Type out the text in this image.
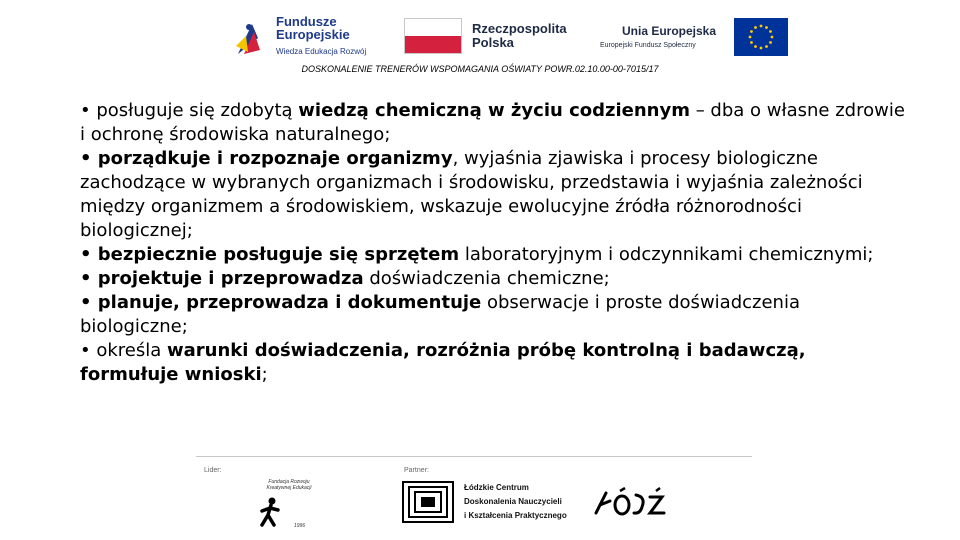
Fundusze
Europejskie
Wiedza Edukacja Rozwój
Rzeczpospolita
Polska
Unia Europejska
Europejski Fundusz Społeczny
DOSKONALENIE TRENERÓW WSPOMAGANIA OŚWIATY POWR.02.10.00-00-7015/17

• posługuje się zdobytą wiedzą chemiczną w życiu codziennym – dba o własne zdrowie i ochronę środowiska naturalnego;

• porządkuje i rozpoznaje organizmy, wyjaśnia zjawiska i procesy biologiczne zachodzące w wybranych organizmach i środowisku, przedstawia i wyjaśnia zależności między organizmem a środowiskiem, wskazuje ewolucyjne źródła różnorodności biologicznej;

• bezpiecznie posługuje się sprzętem laboratoryjnym i odczynnikami chemicznymi;

• projektuje i przeprowadza doświadczenia chemiczne;

• planuje, przeprowadza i dokumentuje obserwacje i proste doświadczenia biologiczne;

• określa warunki doświadczenia, rozróżnia próbę kontrolną i badawczą, formułuje wnioski;

Lider:	Partner:
Fundacja Rozwoju Kreatywnej Edukacji
1996
Łódzkie Centrum
Doskonalenia Nauczycieli
i Kształcenia Praktycznego
